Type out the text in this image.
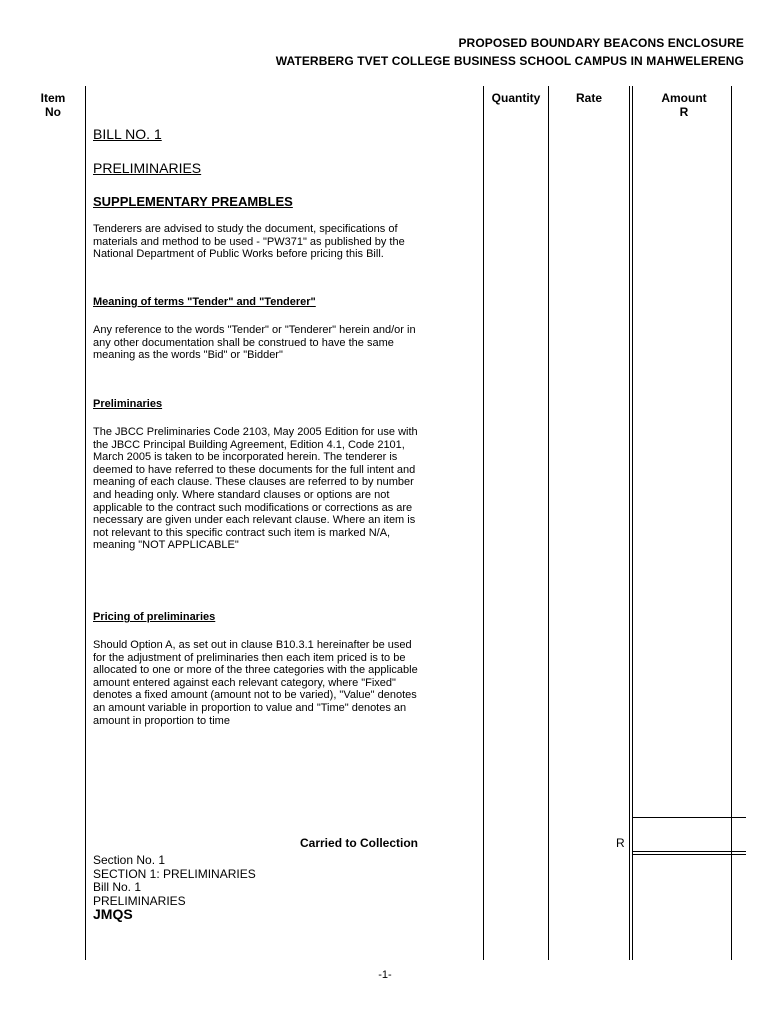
PROPOSED BOUNDARY BEACONS ENCLOSURE
WATERBERG TVET COLLEGE BUSINESS SCHOOL CAMPUS IN MAHWELERENG
Item
No
Quantity	Rate	Amount
R
BILL NO. 1
PRELIMINARIES
SUPPLEMENTARY PREAMBLES

Tenderers are advised to study the document, specifications of materials and method to be used - "PW371" as published by the National Department of Public Works before pricing this Bill.

Meaning of terms "Tender" and "Tenderer"

Any reference to the words "Tender" or "Tenderer" herein and/or in any other documentation shall be construed to have the same meaning as the words "Bid" or "Bidder"

Preliminaries

The JBCC Preliminaries Code 2103, May 2005 Edition for use with the JBCC Principal Building Agreement, Edition 4.1, Code 2101, March 2005 is taken to be incorporated herein. The tenderer is deemed to have referred to these documents for the full intent and meaning of each clause. These clauses are referred to by number and heading only. Where standard clauses or options are not applicable to the contract such modifications or corrections as are necessary are given under each relevant clause. Where an item is not relevant to this specific contract such item is marked N/A, meaning "NOT APPLICABLE"

Pricing of preliminaries

Should Option A, as set out in clause B10.3.1 hereinafter be used for the adjustment of preliminaries then each item priced is to be allocated to one or more of the three categories with the applicable amount entered against each relevant category, where "Fixed" denotes a fixed amount (amount not to be varied), "Value" denotes an amount variable in proportion to value and "Time" denotes an amount in proportion to time

Carried to Collection	R
Section No. 1
SECTION 1: PRELIMINARIES
Bill No. 1
PRELIMINARIES
JMQS
-1-
